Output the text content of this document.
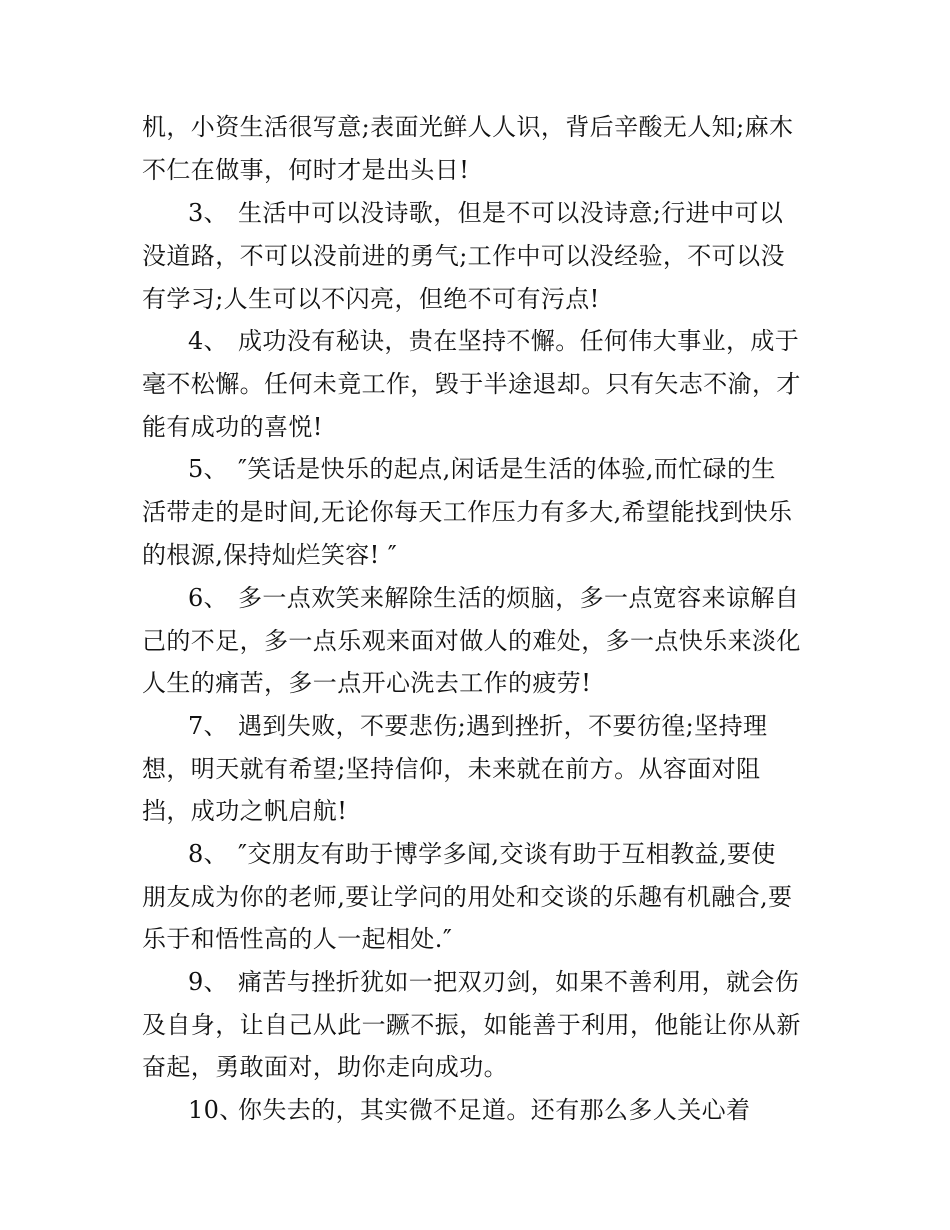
机，小资生活很写意;表面光鲜人人识，背后辛酸无人知;麻木
不仁在做事，何时才是出头日!
3、 生活中可以没诗歌，但是不可以没诗意;行进中可以
没道路，不可以没前进的勇气;工作中可以没经验，不可以没
有学习;人生可以不闪亮，但绝不可有污点!
4、 成功没有秘诀，贵在坚持不懈。任何伟大事业，成于
毫不松懈。任何未竟工作，毁于半途退却。只有矢志不渝，才
能有成功的喜悦!
5、 ″笑话是快乐的起点,闲话是生活的体验,而忙碌的生
活带走的是时间,无论你每天工作压力有多大,希望能找到快乐
的根源,保持灿烂笑容! ″
6、 多一点欢笑来解除生活的烦脑，多一点宽容来谅解自
己的不足，多一点乐观来面对做人的难处，多一点快乐来淡化
人生的痛苦，多一点开心洗去工作的疲劳!
7、 遇到失败，不要悲伤;遇到挫折，不要彷徨;坚持理
想，明天就有希望;坚持信仰，未来就在前方。从容面对阻
挡，成功之帆启航!
8、 ″交朋友有助于博学多闻,交谈有助于互相教益,要使
朋友成为你的老师,要让学问的用处和交谈的乐趣有机融合,要
乐于和悟性高的人一起相处.″
9、 痛苦与挫折犹如一把双刃剑，如果不善利用，就会伤
及自身，让自己从此一蹶不振，如能善于利用，他能让你从新
奋起，勇敢面对，助你走向成功。
10、你失去的，其实微不足道。还有那么多人关心着
